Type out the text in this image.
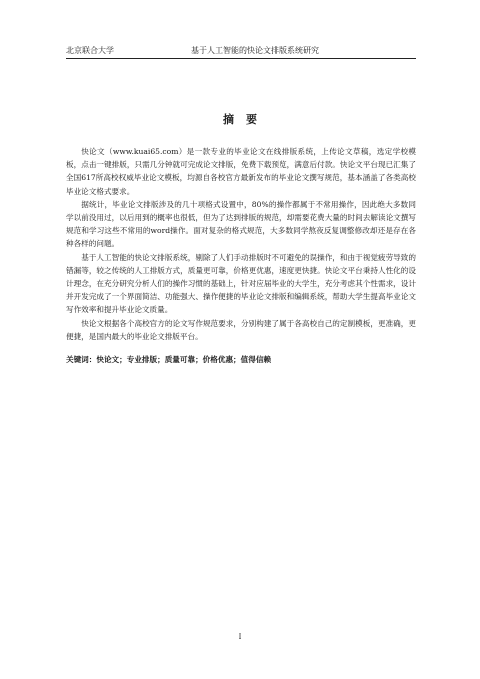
北京联合大学	基于人工智能的快论文排版系统研究
摘要

快论文（www.kuai65.com）是一款专业的毕业论文在线排版系统，上传论文草稿，选定学校模板，点击一键排版，只需几分钟就可完成论文排版，免费下载预览，满意后付款。快论文平台现已汇集了全国617所高校权威毕业论文模板，均源自各校官方最新发布的毕业论文撰写规范，基本涵盖了各类高校毕业论文格式要求。

据统计，毕业论文排版涉及的几十项格式设置中，80%的操作都属于不常用操作，因此绝大多数同学以前没用过，以后用到的概率也很低，但为了达到排版的规范，却需要花费大量的时间去解读论文撰写规范和学习这些不常用的word操作。面对复杂的格式规范，大多数同学熬夜反复调整修改却还是存在各种各样的问题。

基于人工智能的快论文排版系统，剔除了人们手动排版时不可避免的误操作，和由于视觉疲劳导致的错漏等，较之传统的人工排版方式，质量更可靠，价格更优惠，速度更快捷。快论文平台秉持人性化的设计理念，在充分研究分析人们的操作习惯的基础上，针对应届毕业的大学生，充分考虑其个性需求，设计并开发完成了一个界面简洁、功能强大、操作便捷的毕业论文排版和编辑系统，帮助大学生提高毕业论文写作效率和提升毕业论文质量。

快论文根据各个高校官方的论文写作规范要求，分别构建了属于各高校自己的定制模板，更准确，更便捷，是国内最大的毕业论文排版平台。

关键词：快论文；专业排版；质量可靠；价格优惠；值得信赖

I
